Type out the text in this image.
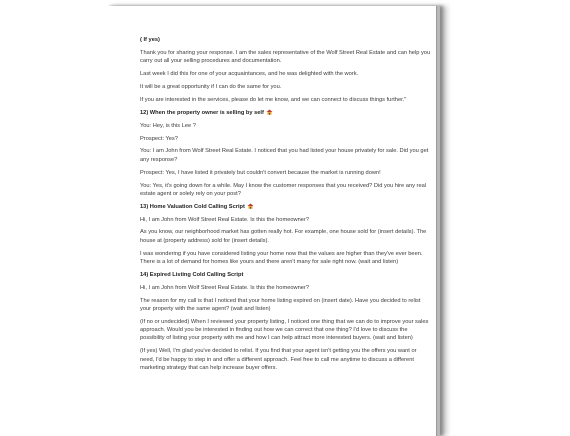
( If yes)

Thank you for sharing your response. I am the sales representative of the Wolf Street Real Estate and can help you carry out all your selling procedures and documentation.

Last week I did this for one of your acquaintances, and he was delighted with the work.

It will be a great opportunity if I can do the same for you.

If you are interested in the services, please do let me know, and we can connect to discuss things further."

12) When the property owner is selling by self

You: Hey, is this Lee ?

Prospect: Yes?

You: I am John from Wolf Street Real Estate. I noticed that you had listed your house privately for sale. Did you get any response?

Prospect: Yes, I have listed it privately but couldn't convert because the market is running down!

You: Yes, it's going down for a while. May I know the customer responses that you received? Did you hire any real estate agent or solely rely on your post?

13) Home Valuation Cold Calling Script

Hi, I am John from Wolf Street Real Estate. Is this the homeowner?

As you know, our neighborhood market has gotten really hot. For example, one house sold for (insert details). The house at (property address) sold for (insert details).

I was wondering if you have considered listing your home now that the values are higher than they've ever been. There is a lot of demand for homes like yours and there aren't many for sale right now. (wait and listen)

14) Expired Listing Cold Calling Script

Hi, I am John from Wolf Street Real Estate. Is this the homeowner?

The reason for my call is that I noticed that your home listing expired on (insert date). Have you decided to relist your property with the same agent? (wait and listen)

(If no or undecided) When I reviewed your property listing, I noticed one thing that we can do to improve your sales approach. Would you be interested in finding out how we can correct that one thing? I'd love to discuss the possibility of listing your property with me and how I can help attract more interested buyers. (wait and listen)

(If yes) Well, I'm glad you've decided to relist. If you find that your agent isn't getting you the offers you want or need, I'd be happy to step in and offer a different approach. Feel free to call me anytime to discuss a different marketing strategy that can help increase buyer offers.
